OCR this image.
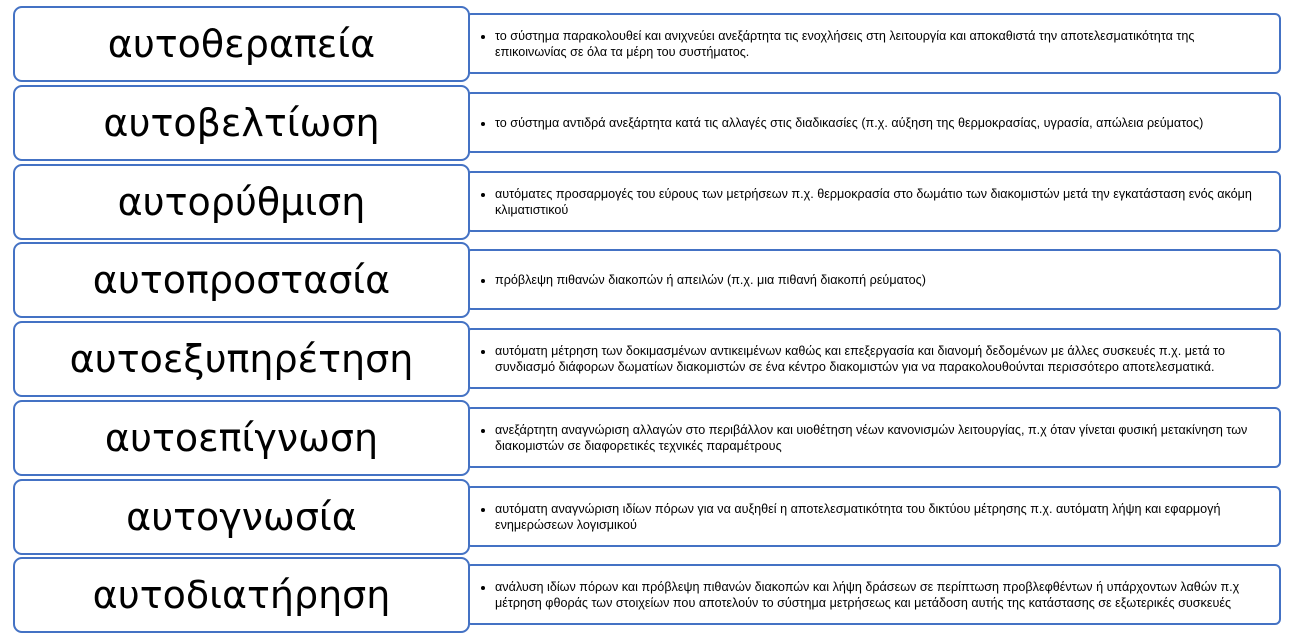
• το σύστημα παρακολουθεί και ανιχνεύει ανεξάρτητα τις ενοχλήσεις στη λειτουργία και αποκαθιστά την αποτελεσματικότητα της επικοινωνίας σε όλα τα μέρη του συστήματος.
αυτοθεραπεία
• το σύστημα αντιδρά ανεξάρτητα κατά τις αλλαγές στις διαδικασίες (π.χ. αύξηση της θερμοκρασίας, υγρασία, απώλεια ρεύματος)
αυτοβελτίωση
• αυτόματες προσαρμογές του εύρους των μετρήσεων π.χ. θερμοκρασία στο δωμάτιο των διακομιστών μετά την εγκατάσταση ενός ακόμη κλιματιστικού
αυτορύθμιση
• πρόβλεψη πιθανών διακοπών ή απειλών (π.χ. μια πιθανή διακοπή ρεύματος)
αυτοπροστασία
• αυτόματη μέτρηση των δοκιμασμένων αντικειμένων καθώς και επεξεργασία και διανομή δεδομένων με άλλες συσκευές π.χ. μετά το συνδιασμό διάφορων δωματίων διακομιστών σε ένα κέντρο διακομιστών για να παρακολουθούνται περισσότερο αποτελεσματικά.
αυτοεξυπηρέτηση
• ανεξάρτητη αναγνώριση αλλαγών στο περιβάλλον και υιοθέτηση νέων κανονισμών λειτουργίας, π.χ όταν γίνεται φυσική μετακίνηση των διακομιστών σε διαφορετικές τεχνικές παραμέτρους
αυτοεπίγνωση
• αυτόματη αναγνώριση ιδίων πόρων για να αυξηθεί η αποτελεσματικότητα του δικτύου μέτρησης π.χ. αυτόματη λήψη και εφαρμογή ενημερώσεων λογισμικού
αυτογνωσία
• ανάλυση ιδίων πόρων και πρόβλεψη πιθανών διακοπών και λήψη δράσεων σε περίπτωση προβλεφθέντων ή υπάρχοντων λαθών π.χ μέτρηση φθοράς των στοιχείων που αποτελούν το σύστημα μετρήσεως και μετάδοση αυτής της κατάστασης σε εξωτερικές συσκευές
αυτοδιατήρηση
